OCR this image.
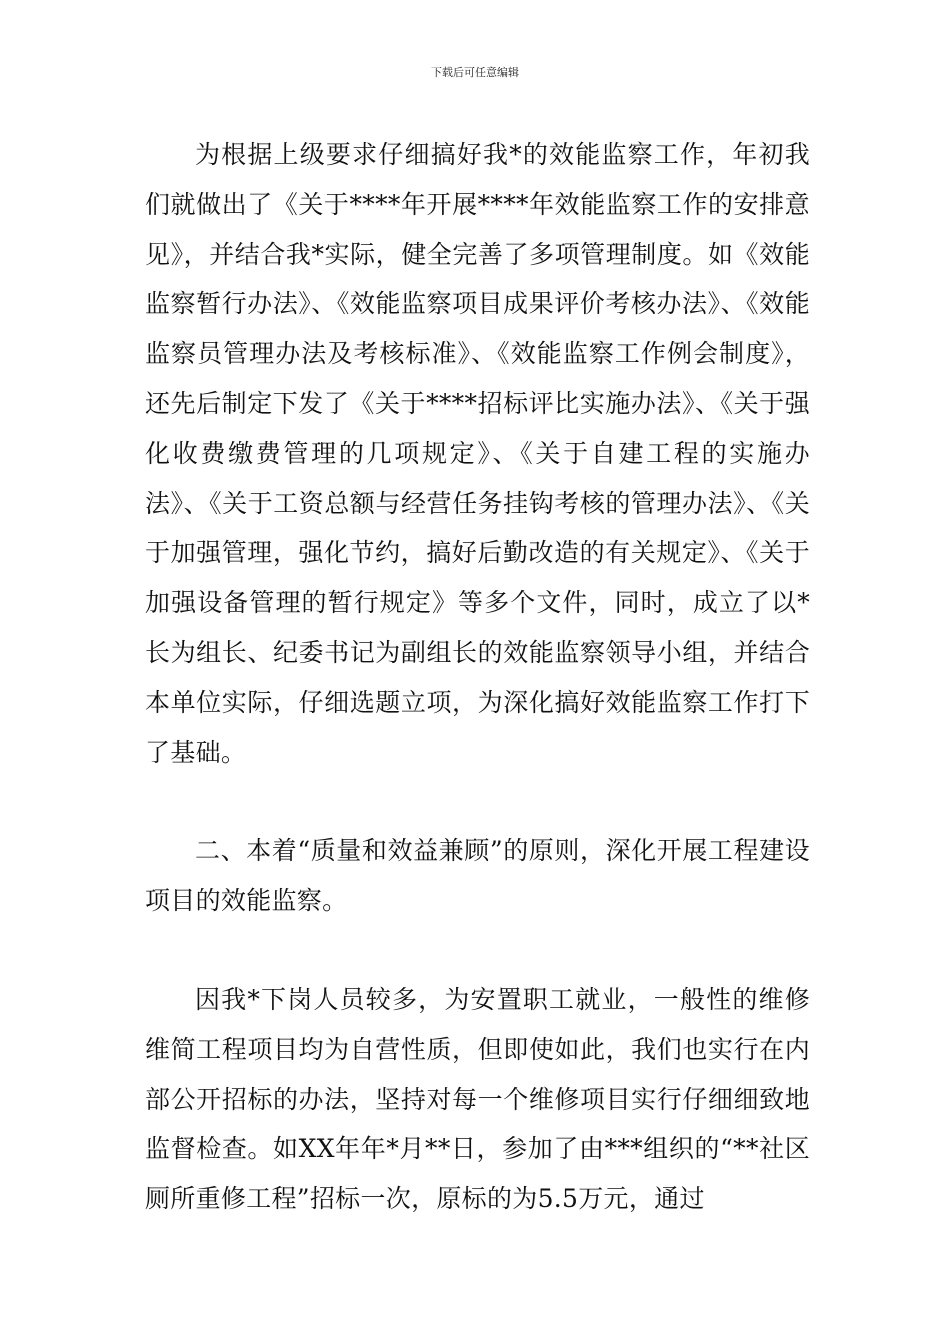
下载后可任意编辑

为根据上级要求仔细搞好我*的效能监察工作，年初我们就做出了《关于****年开展****年效能监察工作的安排意见》，并结合我*实际，健全完善了多项管理制度。如《效能监察暂行办法》、《效能监察项目成果评价考核办法》、《效能监察员管理办法及考核标准》、《效能监察工作例会制度》，还先后制定下发了《关于****招标评比实施办法》、《关于强化收费缴费管理的几项规定》、《关于自建工程的实施办法》、《关于工资总额与经营任务挂钩考核的管理办法》、《关于加强管理，强化节约，搞好后勤改造的有关规定》、《关于加强设备管理的暂行规定》等多个文件，同时，成立了以*长为组长、纪委书记为副组长的效能监察领导小组，并结合本单位实际，仔细选题立项，为深化搞好效能监察工作打下了基础。

二、本着“质量和效益兼顾”的原则，深化开展工程建设项目的效能监察。

因我*下岗人员较多，为安置职工就业，一般性的维修维简工程项目均为自营性质，但即使如此，我们也实行在内部公开招标的办法，坚持对每一个维修项目实行仔细细致地监督检查。如XX年年*月**日，参加了由***组织的“**社区厕所重修工程”招标一次，原标的为5.5万元，通过
